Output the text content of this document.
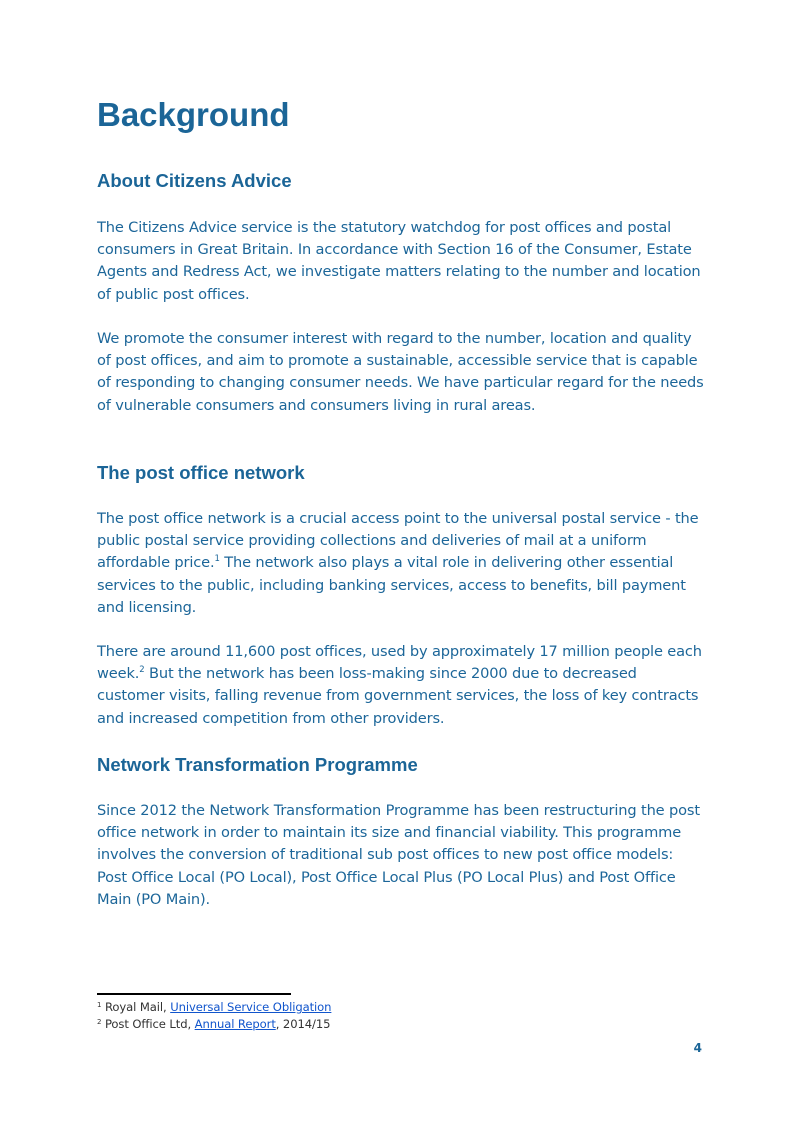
Background
About Citizens Advice

The Citizens Advice service is the statutory watchdog for post offices and postal consumers in Great Britain. In accordance with Section 16 of the Consumer, Estate Agents and Redress Act, we investigate matters relating to the number and location of public post offices.

We promote the consumer interest with regard to the number, location and quality of post offices, and aim to promote a sustainable, accessible service that is capable of responding to changing consumer needs. We have particular regard for the needs of vulnerable consumers and consumers living in rural areas.

The post office network

The post office network is a crucial access point to the universal postal service - the public postal service providing collections and deliveries of mail at a uniform affordable price.$^1$ The network also plays a vital role in delivering other essential services to the public, including banking services, access to benefits, bill payment and licensing.

There are around 11,600 post offices, used by approximately 17 million people each week.$^2$ But the network has been loss-making since 2000 due to decreased customer visits, falling revenue from government services, the loss of key contracts and increased competition from other providers.

Network Transformation Programme

Since 2012 the Network Transformation Programme has been restructuring the post office network in order to maintain its size and financial viability. This programme involves the conversion of traditional sub post offices to new post office models: Post Office Local (PO Local), Post Office Local Plus (PO Local Plus) and Post Office Main (PO Main).

$^1$ Royal Mail, Universal Service Obligation
$^2$ Post Office Ltd, Annual Report, 2014/15
4
